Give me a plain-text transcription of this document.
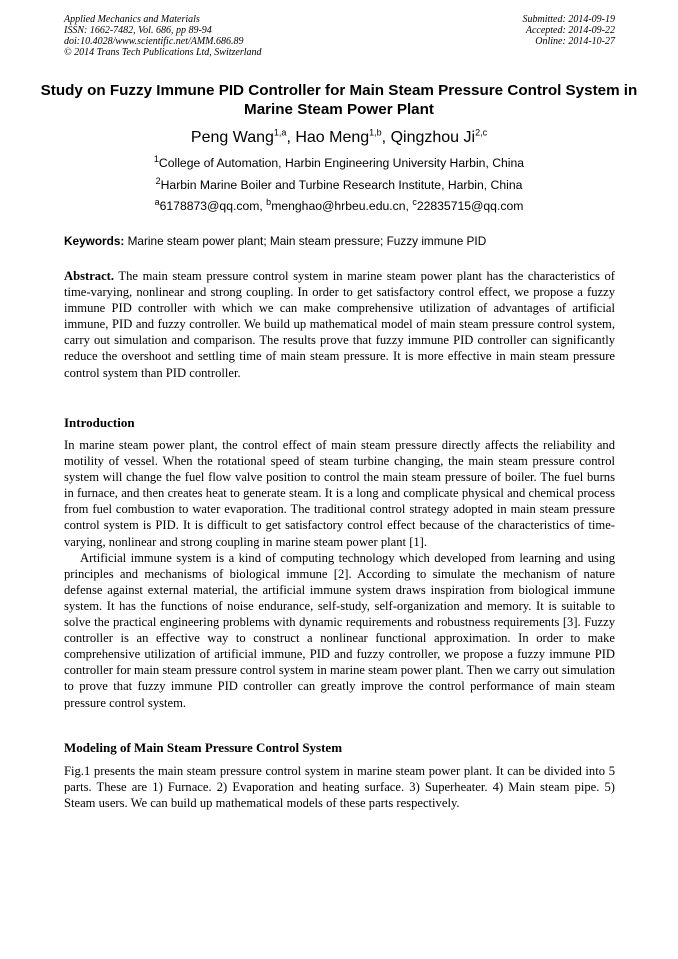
Applied Mechanics and Materials
ISSN: 1662-7482, Vol. 686, pp 89-94
doi:10.4028/www.scientific.net/AMM.686.89
© 2014 Trans Tech Publications Ltd, Switzerland
Submitted: 2014-09-19
Accepted: 2014-09-22
Online: 2014-10-27
Study on Fuzzy Immune PID Controller for Main Steam Pressure Control System in Marine Steam Power Plant
Peng Wang$^{1,a}$, Hao Meng$^{1,b}$, Qingzhou Ji$^{2,c}$
$^1$College of Automation, Harbin Engineering University Harbin, China
$^2$Harbin Marine Boiler and Turbine Research Institute, Harbin, China
$^a$6178873@qq.com, $^b$menghao@hrbeu.edu.cn, $^c$22835715@qq.com
Keywords: Marine steam power plant; Main steam pressure; Fuzzy immune PID

Abstract. The main steam pressure control system in marine steam power plant has the characteristics of time-varying, nonlinear and strong coupling. In order to get satisfactory control effect, we propose a fuzzy immune PID controller with which we can make comprehensive utilization of advantages of artificial immune, PID and fuzzy controller. We build up mathematical model of main steam pressure control system, carry out simulation and comparison. The results prove that fuzzy immune PID controller can significantly reduce the overshoot and settling time of main steam pressure. It is more effective in main steam pressure control system than PID controller.

Introduction

In marine steam power plant, the control effect of main steam pressure directly affects the reliability and motility of vessel. When the rotational speed of steam turbine changing, the main steam pressure control system will change the fuel flow valve position to control the main steam pressure of boiler. The fuel burns in furnace, and then creates heat to generate steam. It is a long and complicate physical and chemical process from fuel combustion to water evaporation. The traditional control strategy adopted in main steam pressure control system is PID. It is difficult to get satisfactory control effect because of the characteristics of time-varying, nonlinear and strong coupling in marine steam power plant [1].

Artificial immune system is a kind of computing technology which developed from learning and using principles and mechanisms of biological immune [2]. According to simulate the mechanism of nature defense against external material, the artificial immune system draws inspiration from biological immune system. It has the functions of noise endurance, self-study, self-organization and memory. It is suitable to solve the practical engineering problems with dynamic requirements and robustness requirements [3]. Fuzzy controller is an effective way to construct a nonlinear functional approximation. In order to make comprehensive utilization of artificial immune, PID and fuzzy controller, we propose a fuzzy immune PID controller for main steam pressure control system in marine steam power plant. Then we carry out simulation to prove that fuzzy immune PID controller can greatly improve the control performance of main steam pressure control system.

Modeling of Main Steam Pressure Control System

Fig.1 presents the main steam pressure control system in marine steam power plant. It can be divided into 5 parts. These are 1) Furnace. 2) Evaporation and heating surface. 3) Superheater. 4) Main steam pipe. 5) Steam users. We can build up mathematical models of these parts respectively.
